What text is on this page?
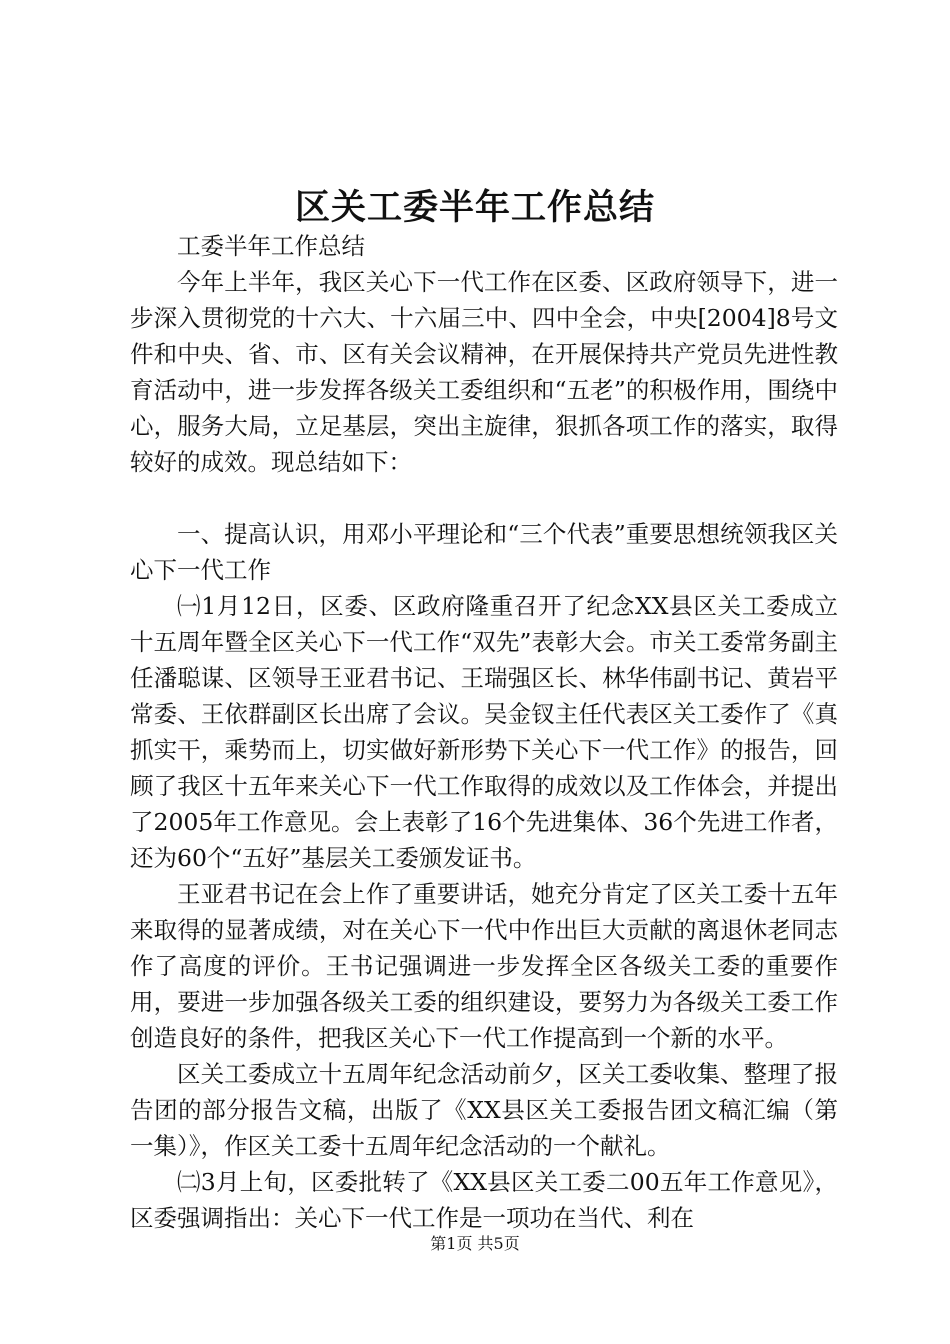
区关工委半年工作总结

工委半年工作总结

今年上半年，我区关心下一代工作在区委、区政府领导下，进一步深入贯彻党的十六大、十六届三中、四中全会，中央[2004]8号文件和中央、省、市、区有关会议精神，在开展保持共产党员先进性教育活动中，进一步发挥各级关工委组织和“五老”的积极作用，围绕中心，服务大局，立足基层，突出主旋律，狠抓各项工作的落实，取得较好的成效。现总结如下：

一、提高认识，用邓小平理论和“三个代表”重要思想统领我区关心下一代工作

㈠1月12日，区委、区政府隆重召开了纪念XX县区关工委成立十五周年暨全区关心下一代工作“双先”表彰大会。市关工委常务副主任潘聪谋、区领导王亚君书记、王瑞强区长、林华伟副书记、黄岩平常委、王依群副区长出席了会议。吴金钗主任代表区关工委作了《真抓实干，乘势而上，切实做好新形势下关心下一代工作》的报告，回顾了我区十五年来关心下一代工作取得的成效以及工作体会，并提出了2005年工作意见。会上表彰了16个先进集体、36个先进工作者，还为60个“五好”基层关工委颁发证书。

王亚君书记在会上作了重要讲话，她充分肯定了区关工委十五年来取得的显著成绩，对在关心下一代中作出巨大贡献的离退休老同志作了高度的评价。王书记强调进一步发挥全区各级关工委的重要作用，要进一步加强各级关工委的组织建设，要努力为各级关工委工作创造良好的条件，把我区关心下一代工作提高到一个新的水平。

区关工委成立十五周年纪念活动前夕，区关工委收集、整理了报告团的部分报告文稿，出版了《XX县区关工委报告团文稿汇编（第一集）》，作区关工委十五周年纪念活动的一个献礼。

㈡3月上旬，区委批转了《XX县区关工委二00五年工作意见》，区委强调指出：关心下一代工作是一项功在当代、利在

第1页 共5页
